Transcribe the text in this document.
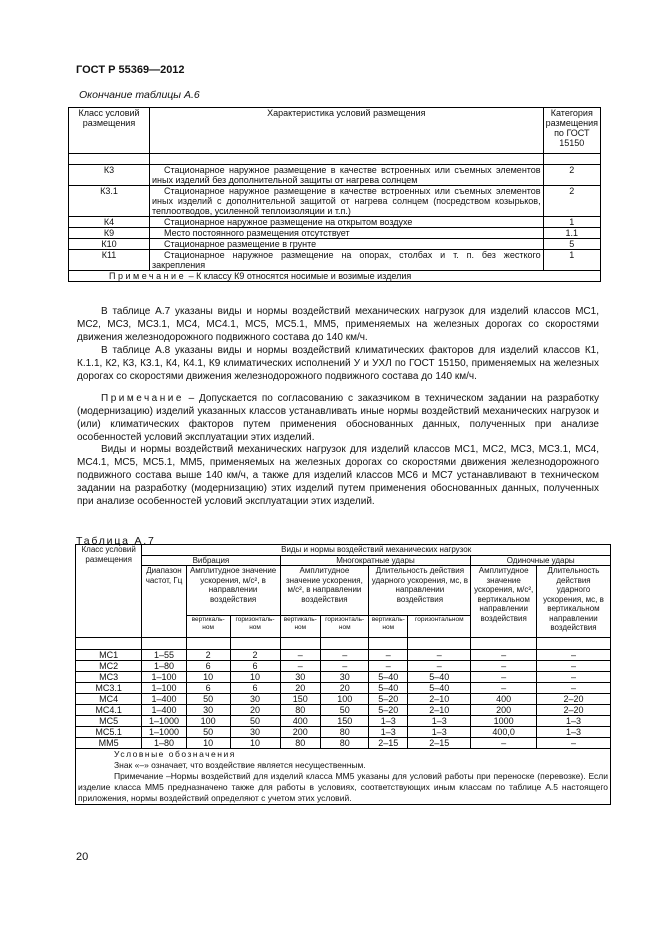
ГОСТ Р 55369—2012
Окончание таблицы А.6
Класс условий размещения	Характеристика условий размещения	Категория размещения по ГОСТ 15150

К3	Стационарное наружное размещение в качестве встроенных или съемных элементов иных изделий без дополнительной защиты от нагрева солнцем	2
К3.1	Стационарное наружное размещение в качестве встроенных или съемных элементов иных изделий с дополнительной защитой от нагрева солнцем (посредством козырьков, теплоотводов, усиленной теплоизоляции и т.п.)	2
К4	Стационарное наружное размещение на открытом воздухе	1
К9	Место постоянного размещения отсутствует	1.1
К10	Стационарное размещение в грунте	5
К11	Стационарное наружное размещение на опорах, столбах и т. п. без жесткого закрепления	1
Примечание – К классу К9 относятся носимые и возимые изделия		
В таблице А.7 указаны виды и нормы воздействий механических нагрузок для изделий классов МС1, МС2, МС3, МС3.1, МС4, МС4.1, МС5, МС5.1, ММ5, применяемых на железных дорогах со скоростями движения железнодорожного подвижного состава до 140 км/ч.
В таблице А.8 указаны виды и нормы воздействий климатических факторов для изделий классов К1, К.1.1, К2, К3, К3.1, К4, К4.1, К9 климатических исполнений У и УХЛ по ГОСТ 15150, применяемых на железных дорогах со скоростями движения железнодорожного подвижного состава до 140 км/ч.
Примечание – Допускается по согласованию с заказчиком в техническом задании на разработку (модернизацию) изделий указанных классов устанавливать иные нормы воздействий механических нагрузок и (или) климатических факторов путем применения обоснованных данных, полученных при анализе особенностей условий эксплуатации этих изделий.
Виды и нормы воздействий механических нагрузок для изделий классов МС1, МС2, МС3, МС3.1, МС4, МС4.1, МС5, МС5.1, ММ5, применяемых на железных дорогах со скоростями движения железнодорожного подвижного состава выше 140 км/ч, а также для изделий классов МС6 и МС7 устанавливают в техническом задании на разработку (модернизацию) этих изделий путем применения обоснованных данных, полученных при анализе особенностей условий эксплуатации этих изделий.
Таблица А.7
Класс условий размещения	Виды и нормы воздействий механических нагрузок								
	Вибрация			Многократные удары				Одиночные удары	
	Диапазон частот, Гц	Амплитудное значение ускорения, м/с², в направлении воздействия		Амплитудное значение ускорения, м/с², в направлении воздействия		Длительность действия ударного ускорения, мс, в направлении воздействия		Амплитудное значение ускорения, м/с², вертикальном направлении воздействия	Длительность действия ударного ускорения, мс, в вертикальном направлении воздействия
		вертикаль-ном	горизонталь-ном	вертикаль-ном	горизонталь-ном	вертикаль-ном	горизонтальном		

МС1	1–55	2	2	–	–	–	–	–	–
МС2	1–80	6	6	–	–	–	–	–	–
МС3	1–100	10	10	30	30	5–40	5–40	–	–
МС3.1	1–100	6	6	20	20	5–40	5–40	–	–
МС4	1–400	50	30	150	100	5–20	2–10	400	2–20
МС4.1	1–400	30	20	80	50	5–20	2–10	200	2–20
МС5	1–1000	100	50	400	150	1–3	1–3	1000	1–3
МС5.1	1–1000	50	30	200	80	1–3	1–3	400,0	1–3
ММ5	1–80	10	10	80	80	2–15	2–15	–	–

Условные обозначения
Знак «–» означает, что воздействие является несущественным.
Примечание –Нормы воздействий для изделий класса ММ5 указаны для условий работы при переноске (перевозке). Если изделие класса ММ5 предназначено также для работы в условиях, соответствующих иным классам по таблице А.5 настоящего приложения, нормы воздействий определяют с учетом этих условий.									
20
